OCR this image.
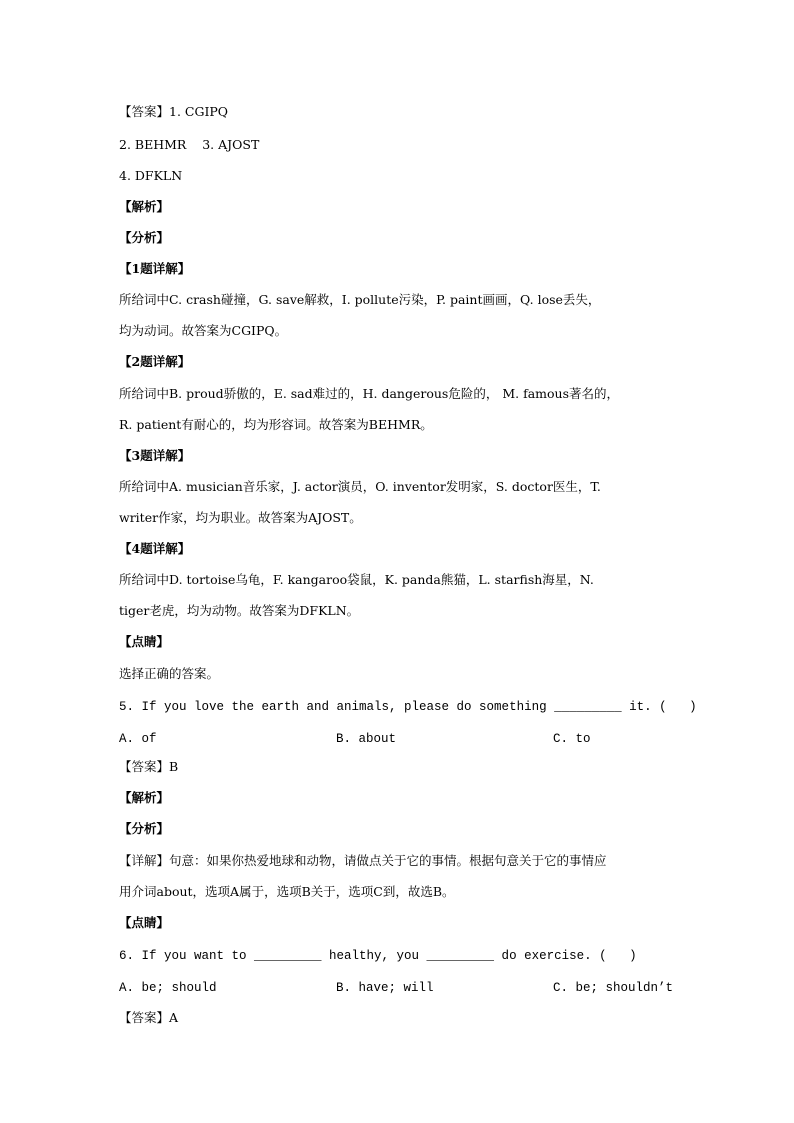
【答案】1. CGIPQ
2. BEHMR    3. AJOST
4. DFKLN
【解析】
【分析】
【1题详解】
所给词中C. crash碰撞，G. save解救，I. pollute污染，P. paint画画，Q. lose丢失，
均为动词。故答案为CGIPQ。
【2题详解】
所给词中B. proud骄傲的，E. sad难过的，H. dangerous危险的， M. famous著名的，
R. patient有耐心的，均为形容词。故答案为BEHMR。
【3题详解】
所给词中A. musician音乐家，J. actor演员，O. inventor发明家，S. doctor医生，T.
writer作家，均为职业。故答案为AJOST。
【4题详解】
所给词中D. tortoise乌龟，F. kangaroo袋鼠，K. panda熊猫，L. starfish海星，N.
tiger老虎，均为动物。故答案为DFKLN。
【点睛】
选择正确的答案。
5. If you love the earth and animals, please do something _________ it. (   )
A. of	B. about	C. to
【答案】B
【解析】
【分析】
【详解】句意：如果你热爱地球和动物，请做点关于它的事情。根据句意关于它的事情应
用介词about，选项A属于，选项B关于，选项C到，故选B。
【点睛】
6. If you want to _________ healthy, you _________ do exercise. (   )
A. be; should	B. have; will	C. be; shouldn’t
【答案】A
